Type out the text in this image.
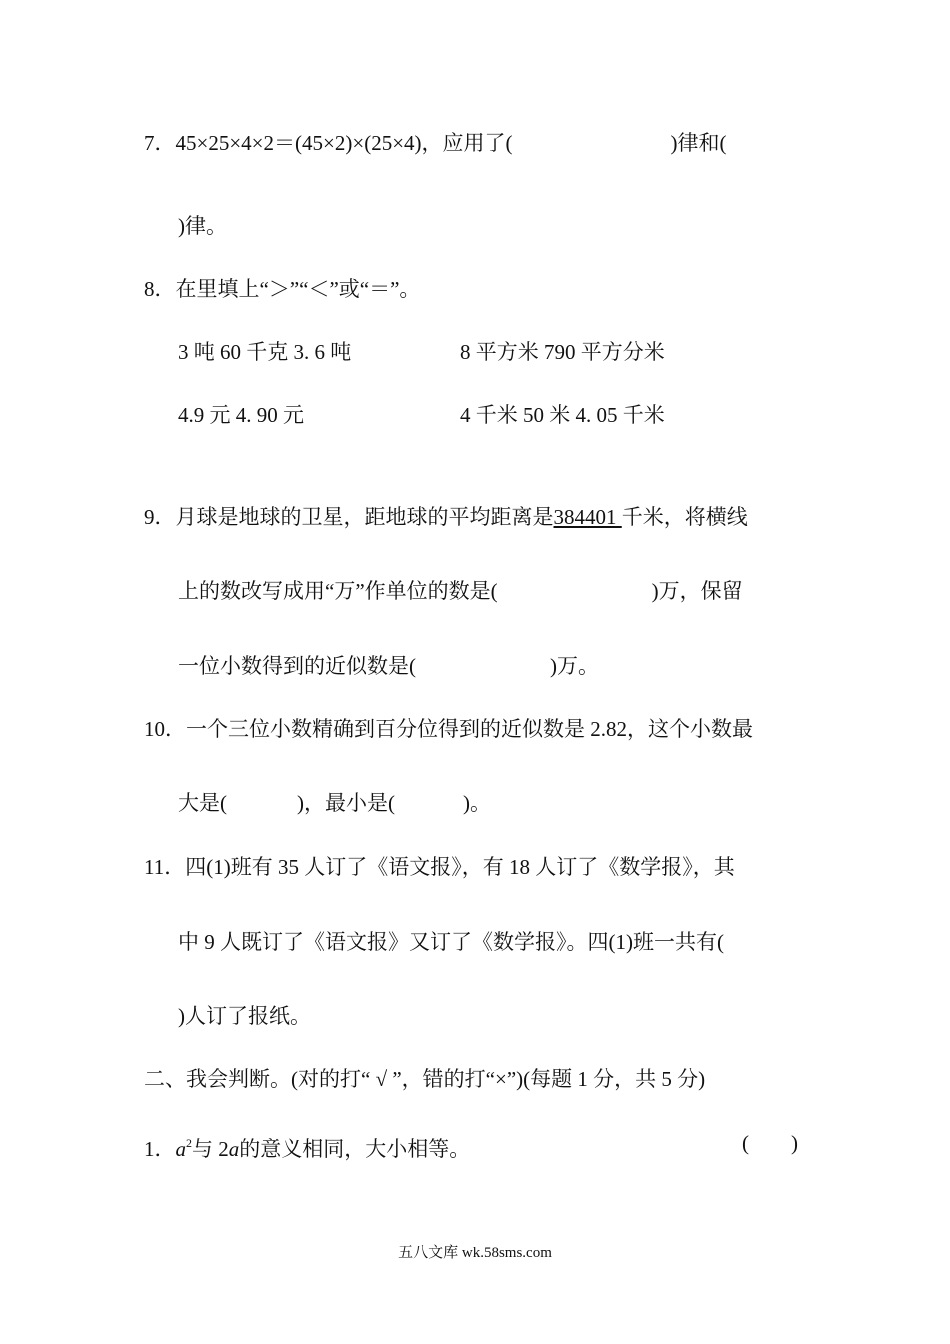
7．45×25×4×2＝(45×2)×(25×4)，应用了(	)律和(
)律。
8．在里填上“＞”“＜”或“＝”。
3 吨 60 千克 3. 6 吨	8 平方米 790 平方分米
4.9 元 4. 90 元	4 千米 50 米 4. 05 千米
9．月球是地球的卫星，距地球的平均距离是384401 千米，将横线
上的数改写成用“万”作单位的数是(	)万，保留
一位小数得到的近似数是(	)万。
10．一个三位小数精确到百分位得到的近似数是 2.82，这个小数最
大是(	)，最小是(	)。
11．四(1)班有 35 人订了《语文报》，有 18 人订了《数学报》，其
中 9 人既订了《语文报》又订了《数学报》。四(1)班一共有(
)人订了报纸。
二、我会判断。(对的打“ √ ”，错的打“×”)(每题 1 分，共 5 分)
1．$a^2$与 2a的意义相同，大小相等。	(　　)
五八文库 wk.58sms.com
